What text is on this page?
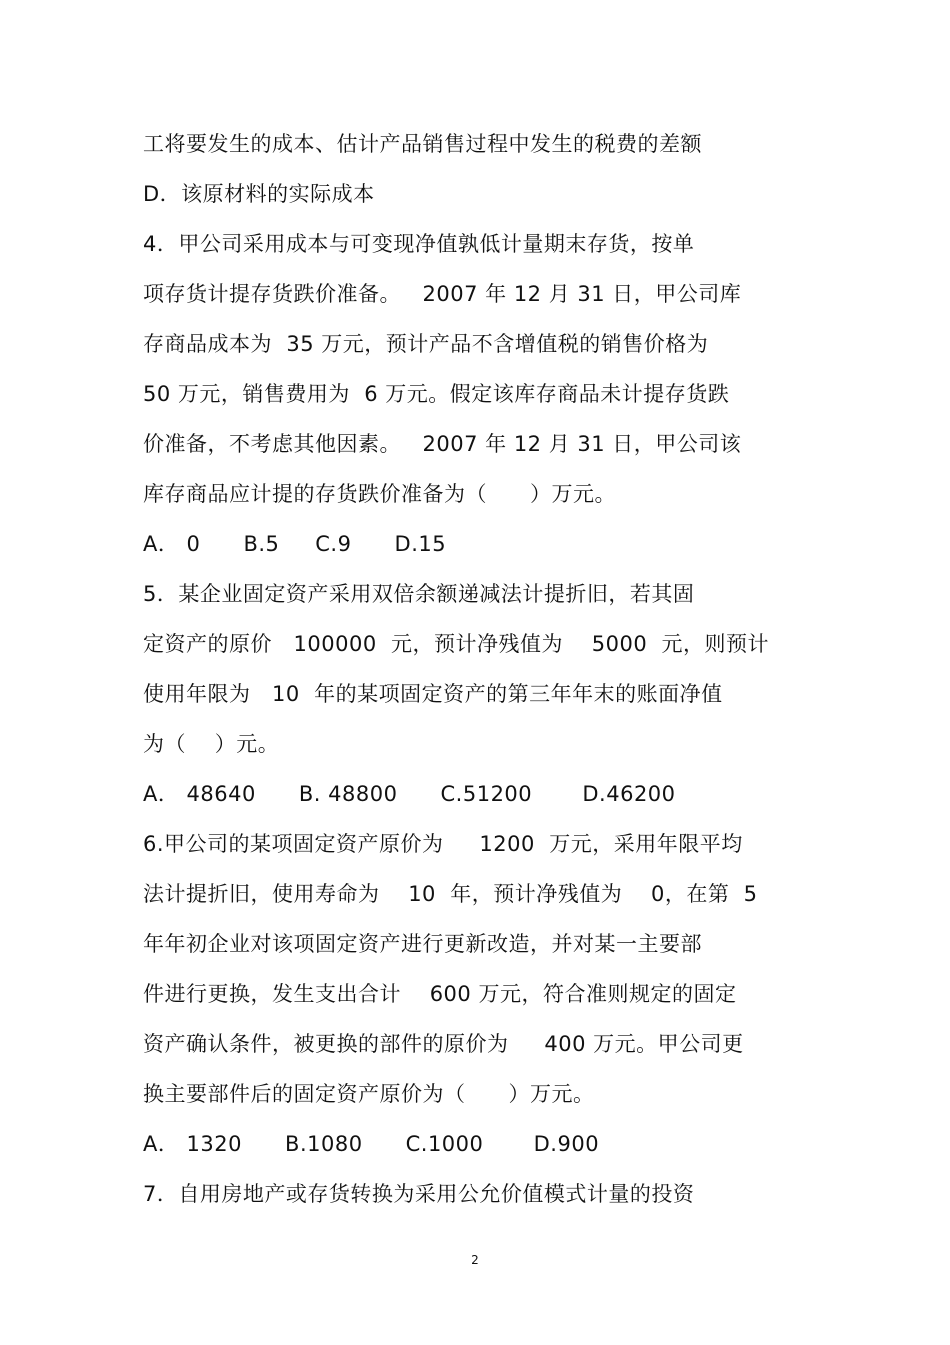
工将要发生的成本、估计产品销售过程中发生的税费的差额
D．该原材料的实际成本
4．甲公司采用成本与可变现净值孰低计量期末存货，按单
项存货计提存货跌价准备。   2007 年 12 月 31 日，甲公司库
存商品成本为  35 万元，预计产品不含增值税的销售价格为
50 万元，销售费用为  6 万元。假定该库存商品未计提存货跌
价准备，不考虑其他因素。   2007 年 12 月 31 日，甲公司该
库存商品应计提的存货跌价准备为（      ）万元。
A． 0      B.5     C.9      D.15
5．某企业固定资产采用双倍余额递减法计提折旧，若其固
定资产的原价   100000  元，预计净残值为    5000  元，则预计
使用年限为   10  年的某项固定资产的第三年年末的账面净值
为（    ）元。
A． 48640      B. 48800      C.51200       D.46200
6.甲公司的某项固定资产原价为     1200  万元，采用年限平均
法计提折旧，使用寿命为    10  年，预计净残值为    0，在第  5
年年初企业对该项固定资产进行更新改造，并对某一主要部
件进行更换，发生支出合计    600 万元，符合准则规定的固定
资产确认条件，被更换的部件的原价为     400 万元。甲公司更
换主要部件后的固定资产原价为（      ）万元。
A． 1320      B.1080      C.1000       D.900
7．自用房地产或存货转换为采用公允价值模式计量的投资
2
